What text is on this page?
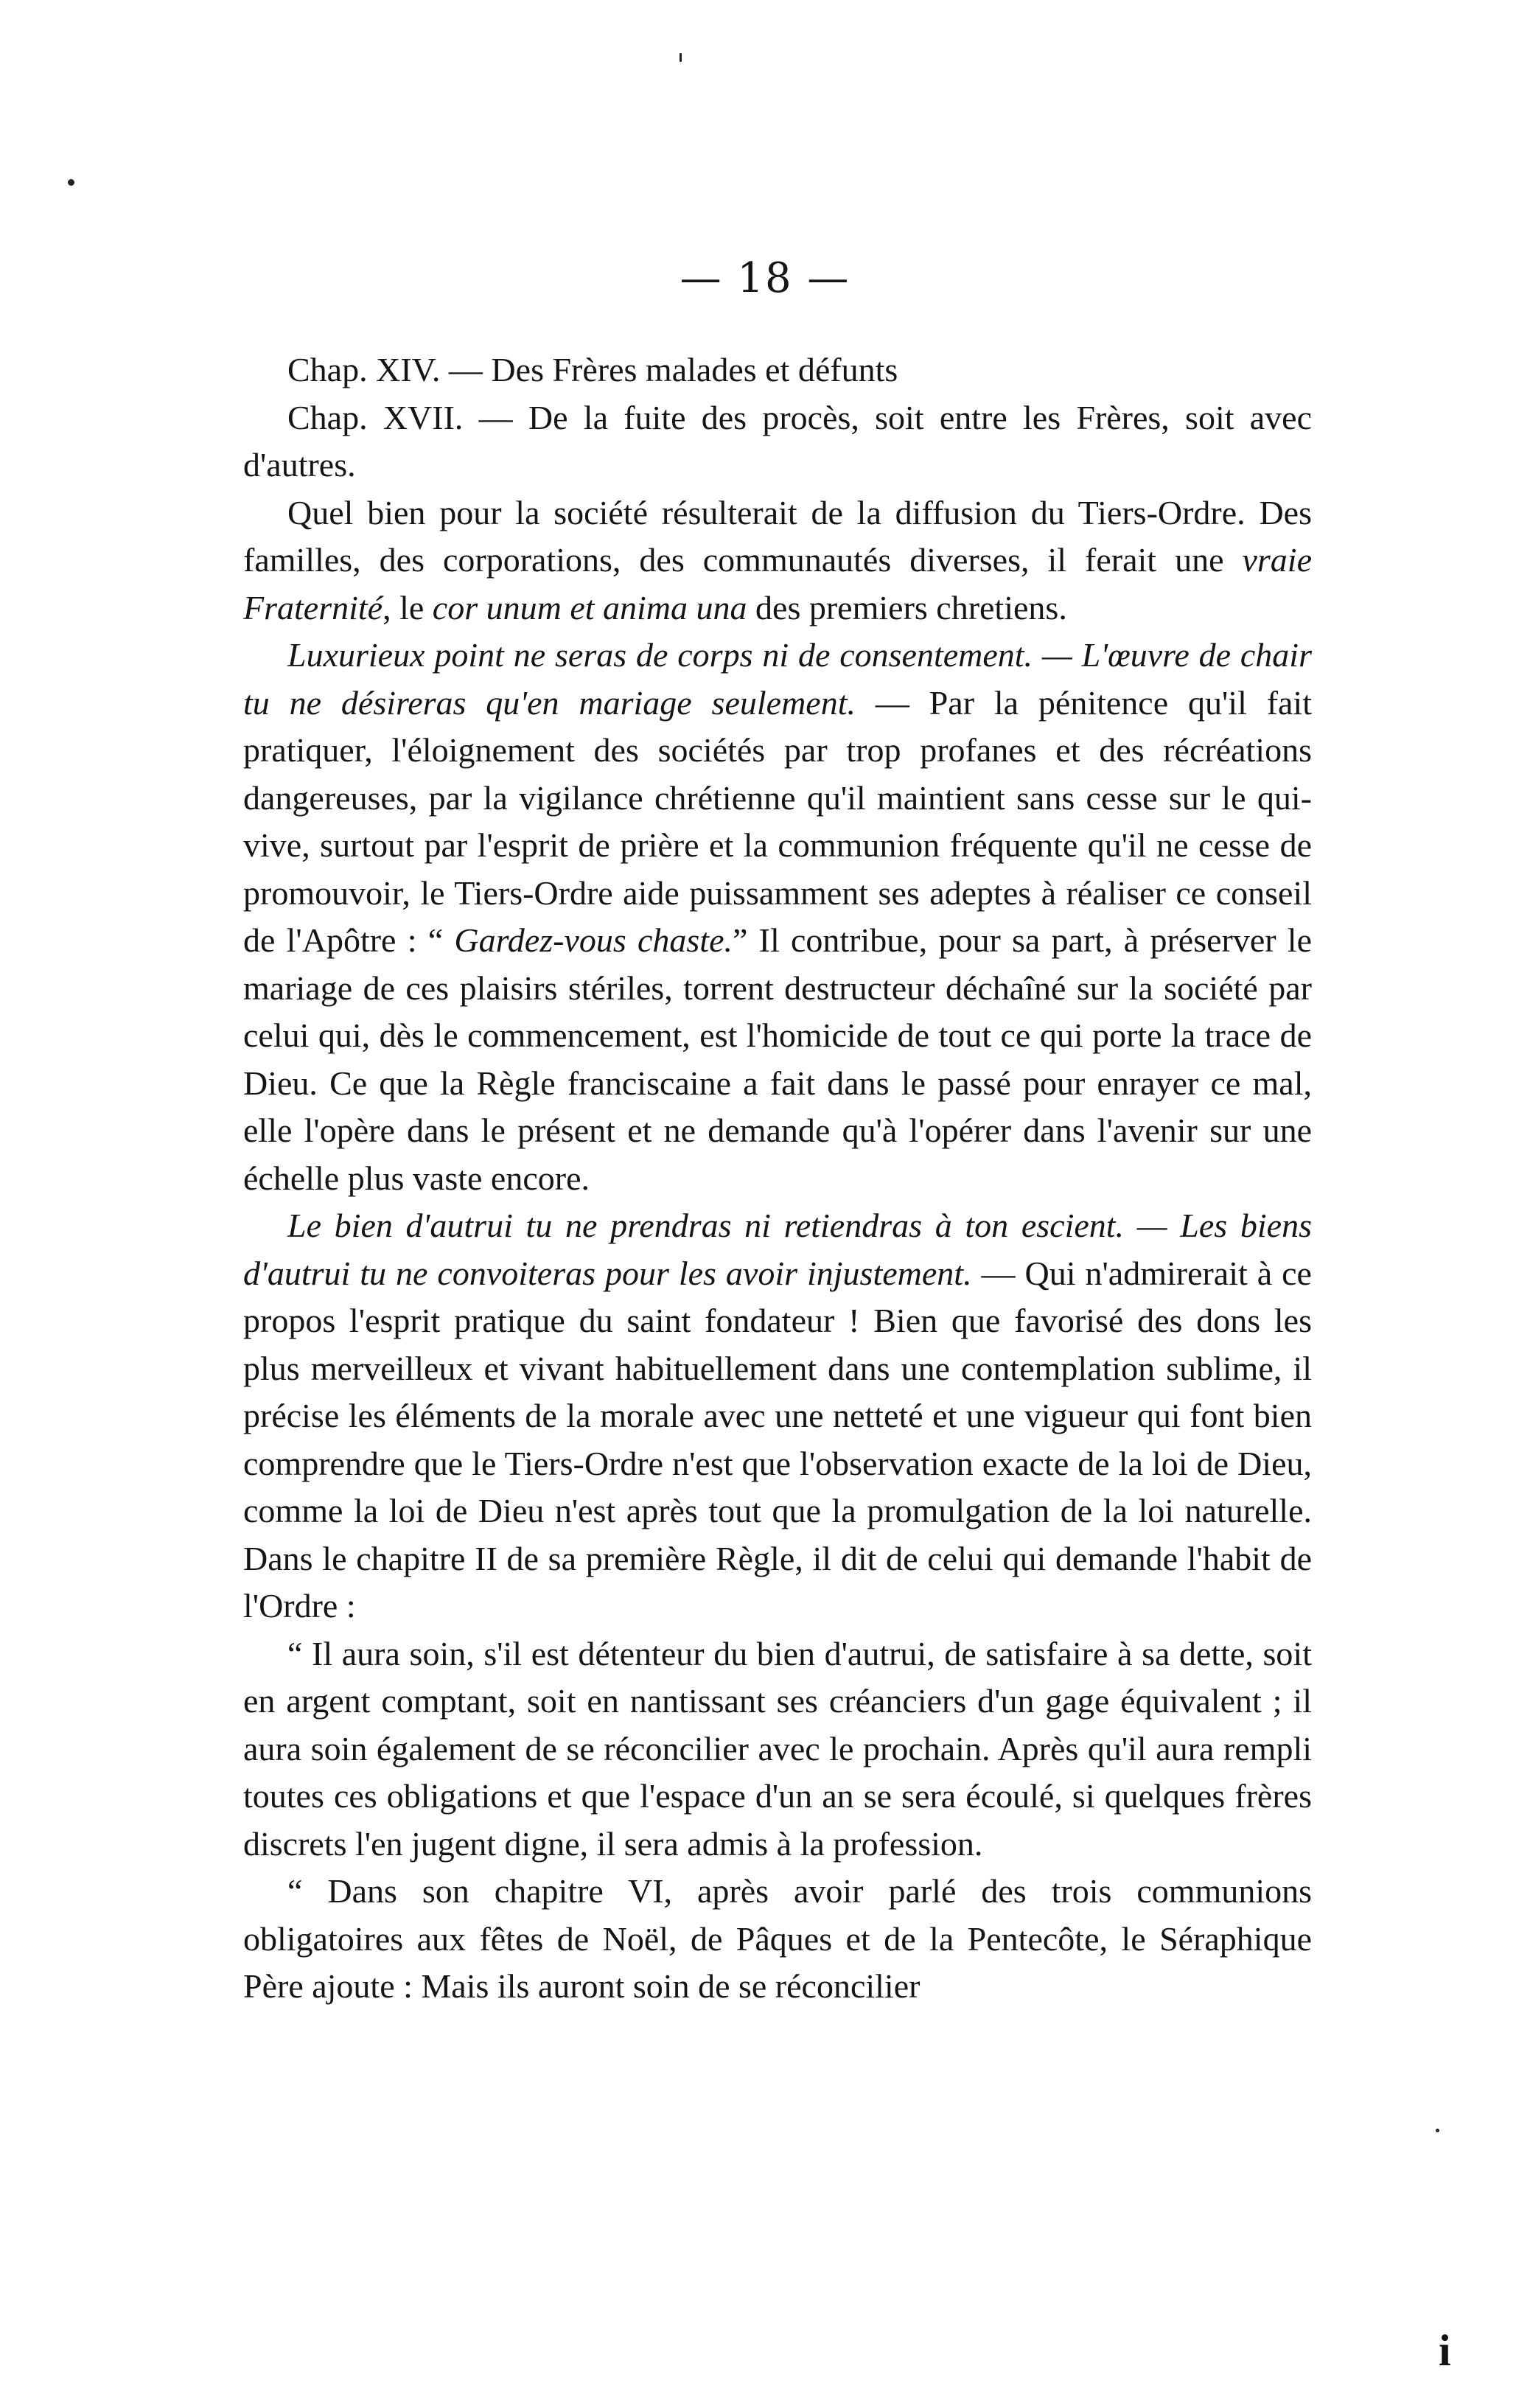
i
— 18 —

Chap. XIV. — Des Frères malades et défunts

Chap. XVII. — De la fuite des procès, soit entre les Frères, soit avec d'autres.

Quel bien pour la société résulterait de la diffusion du Tiers-Ordre. Des familles, des corporations, des communautés diverses, il ferait une vraie Fraternité, le cor unum et anima una des premiers chretiens.

Luxurieux point ne seras de corps ni de consentement. — L'œuvre de chair tu ne désireras qu'en mariage seulement. — Par la pénitence qu'il fait pratiquer, l'éloignement des sociétés par trop profanes et des récréations dangereuses, par la vigilance chrétienne qu'il maintient sans cesse sur le qui-vive, surtout par l'esprit de prière et la communion fréquente qu'il ne cesse de promouvoir, le Tiers-Ordre aide puissamment ses adeptes à réaliser ce conseil de l'Apôtre : “ Gardez-vous chaste.” Il contribue, pour sa part, à préserver le mariage de ces plaisirs stériles, torrent destructeur déchaîné sur la société par celui qui, dès le commencement, est l'homicide de tout ce qui porte la trace de Dieu. Ce que la Règle franciscaine a fait dans le passé pour enrayer ce mal, elle l'opère dans le présent et ne demande qu'à l'opérer dans l'avenir sur une échelle plus vaste encore.

Le bien d'autrui tu ne prendras ni retiendras à ton escient. — Les biens d'autrui tu ne convoiteras pour les avoir injustement. — Qui n'admirerait à ce propos l'esprit pratique du saint fondateur ! Bien que favorisé des dons les plus merveilleux et vivant habituellement dans une contemplation sublime, il précise les éléments de la morale avec une netteté et une vigueur qui font bien comprendre que le Tiers-Ordre n'est que l'observation exacte de la loi de Dieu, comme la loi de Dieu n'est après tout que la promulgation de la loi naturelle. Dans le chapitre II de sa première Règle, il dit de celui qui demande l'habit de l'Ordre :

“ Il aura soin, s'il est détenteur du bien d'autrui, de satisfaire à sa dette, soit en argent comptant, soit en nantissant ses créanciers d'un gage équivalent ; il aura soin également de se réconcilier avec le prochain. Après qu'il aura rempli toutes ces obligations et que l'espace d'un an se sera écoulé, si quelques frères discrets l'en jugent digne, il sera admis à la profession.

“ Dans son chapitre VI, après avoir parlé des trois communions obligatoires aux fêtes de Noël, de Pâques et de la Pentecôte, le Séraphique Père ajoute : Mais ils auront soin de se réconcilier
